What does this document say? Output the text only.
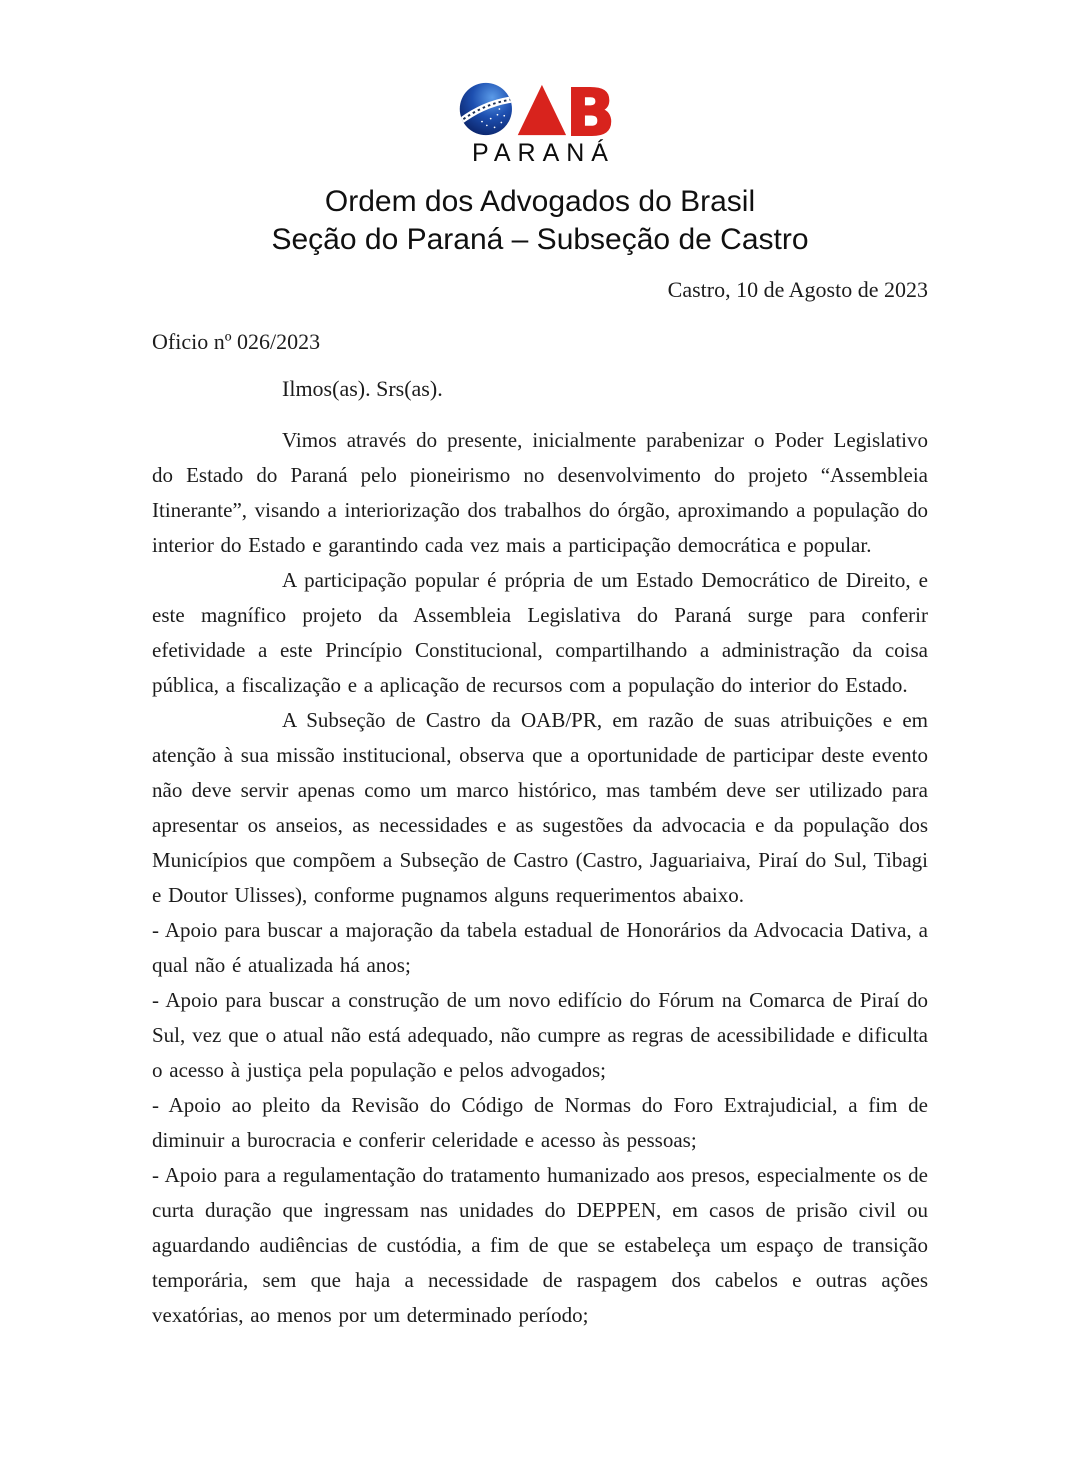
B
PARANÁ
Ordem dos Advogados do Brasil
Seção do Paraná – Subseção de Castro
Castro, 10 de Agosto de 2023
Oficio nº 026/2023
Ilmos(as). Srs(as).

Vimos através do presente, inicialmente parabenizar o Poder Legislativo do Estado do Paraná pelo pioneirismo no desenvolvimento do projeto “Assembleia Itinerante”, visando a interiorização dos trabalhos do órgão, aproximando a população do interior do Estado e garantindo cada vez mais a participação democrática e popular.

A participação popular é própria de um Estado Democrático de Direito, e este magnífico projeto da Assembleia Legislativa do Paraná surge para conferir efetividade a este Princípio Constitucional, compartilhando a administração da coisa pública, a fiscalização e a aplicação de recursos com a população do interior do Estado.

A Subseção de Castro da OAB/PR, em razão de suas atribuições e em atenção à sua missão institucional, observa que a oportunidade de participar deste evento não deve servir apenas como um marco histórico, mas também deve ser utilizado para apresentar os anseios, as necessidades e as sugestões da advocacia e da população dos Municípios que compõem a Subseção de Castro (Castro, Jaguariaiva, Piraí do Sul, Tibagi e Doutor Ulisses), conforme pugnamos alguns requerimentos abaixo.

- Apoio para buscar a majoração da tabela estadual de Honorários da Advocacia Dativa, a qual não é atualizada há anos;

- Apoio para buscar a construção de um novo edifício do Fórum na Comarca de Piraí do Sul, vez que o atual não está adequado, não cumpre as regras de acessibilidade e dificulta o acesso à justiça pela população e pelos advogados;

- Apoio ao pleito da Revisão do Código de Normas do Foro Extrajudicial, a fim de diminuir a burocracia e conferir celeridade e acesso às pessoas;

- Apoio para a regulamentação do tratamento humanizado aos presos, especialmente os de curta duração que ingressam nas unidades do DEPPEN, em casos de prisão civil ou aguardando audiências de custódia, a fim de que se estabeleça um espaço de transição temporária, sem que haja a necessidade de raspagem dos cabelos e outras ações vexatórias, ao menos por um determinado período;
